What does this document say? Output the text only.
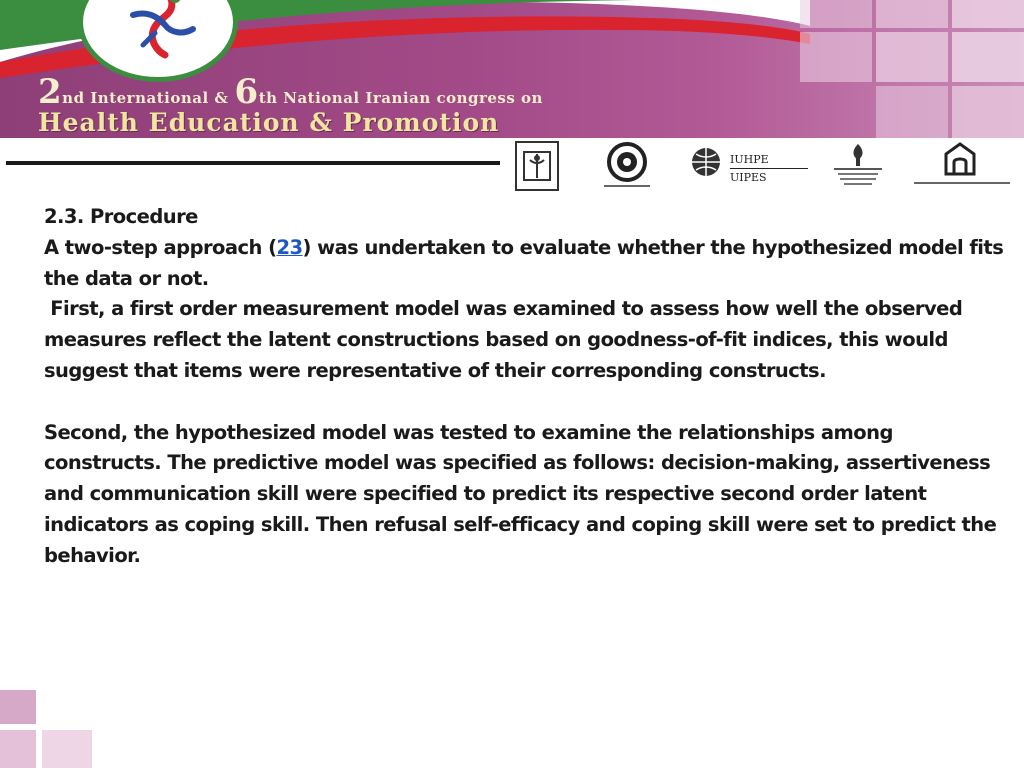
2nd International & 6th National Iranian congress on
Health Education & Promotion
IUHPE
UIPES

2.3. Procedure

A two-step approach (23) was undertaken to evaluate whether the hypothesized model fits the data or not.

First, a first order measurement model was examined to assess how well the observed measures reflect the latent constructions based on goodness-of-fit indices, this would suggest that items were representative of their corresponding constructs.

Second, the hypothesized model was tested to examine the relationships among constructs. The predictive model was specified as follows: decision-making, assertiveness and communication skill were specified to predict its respective second order latent indicators as coping skill. Then refusal self-efficacy and coping skill were set to predict the behavior.
